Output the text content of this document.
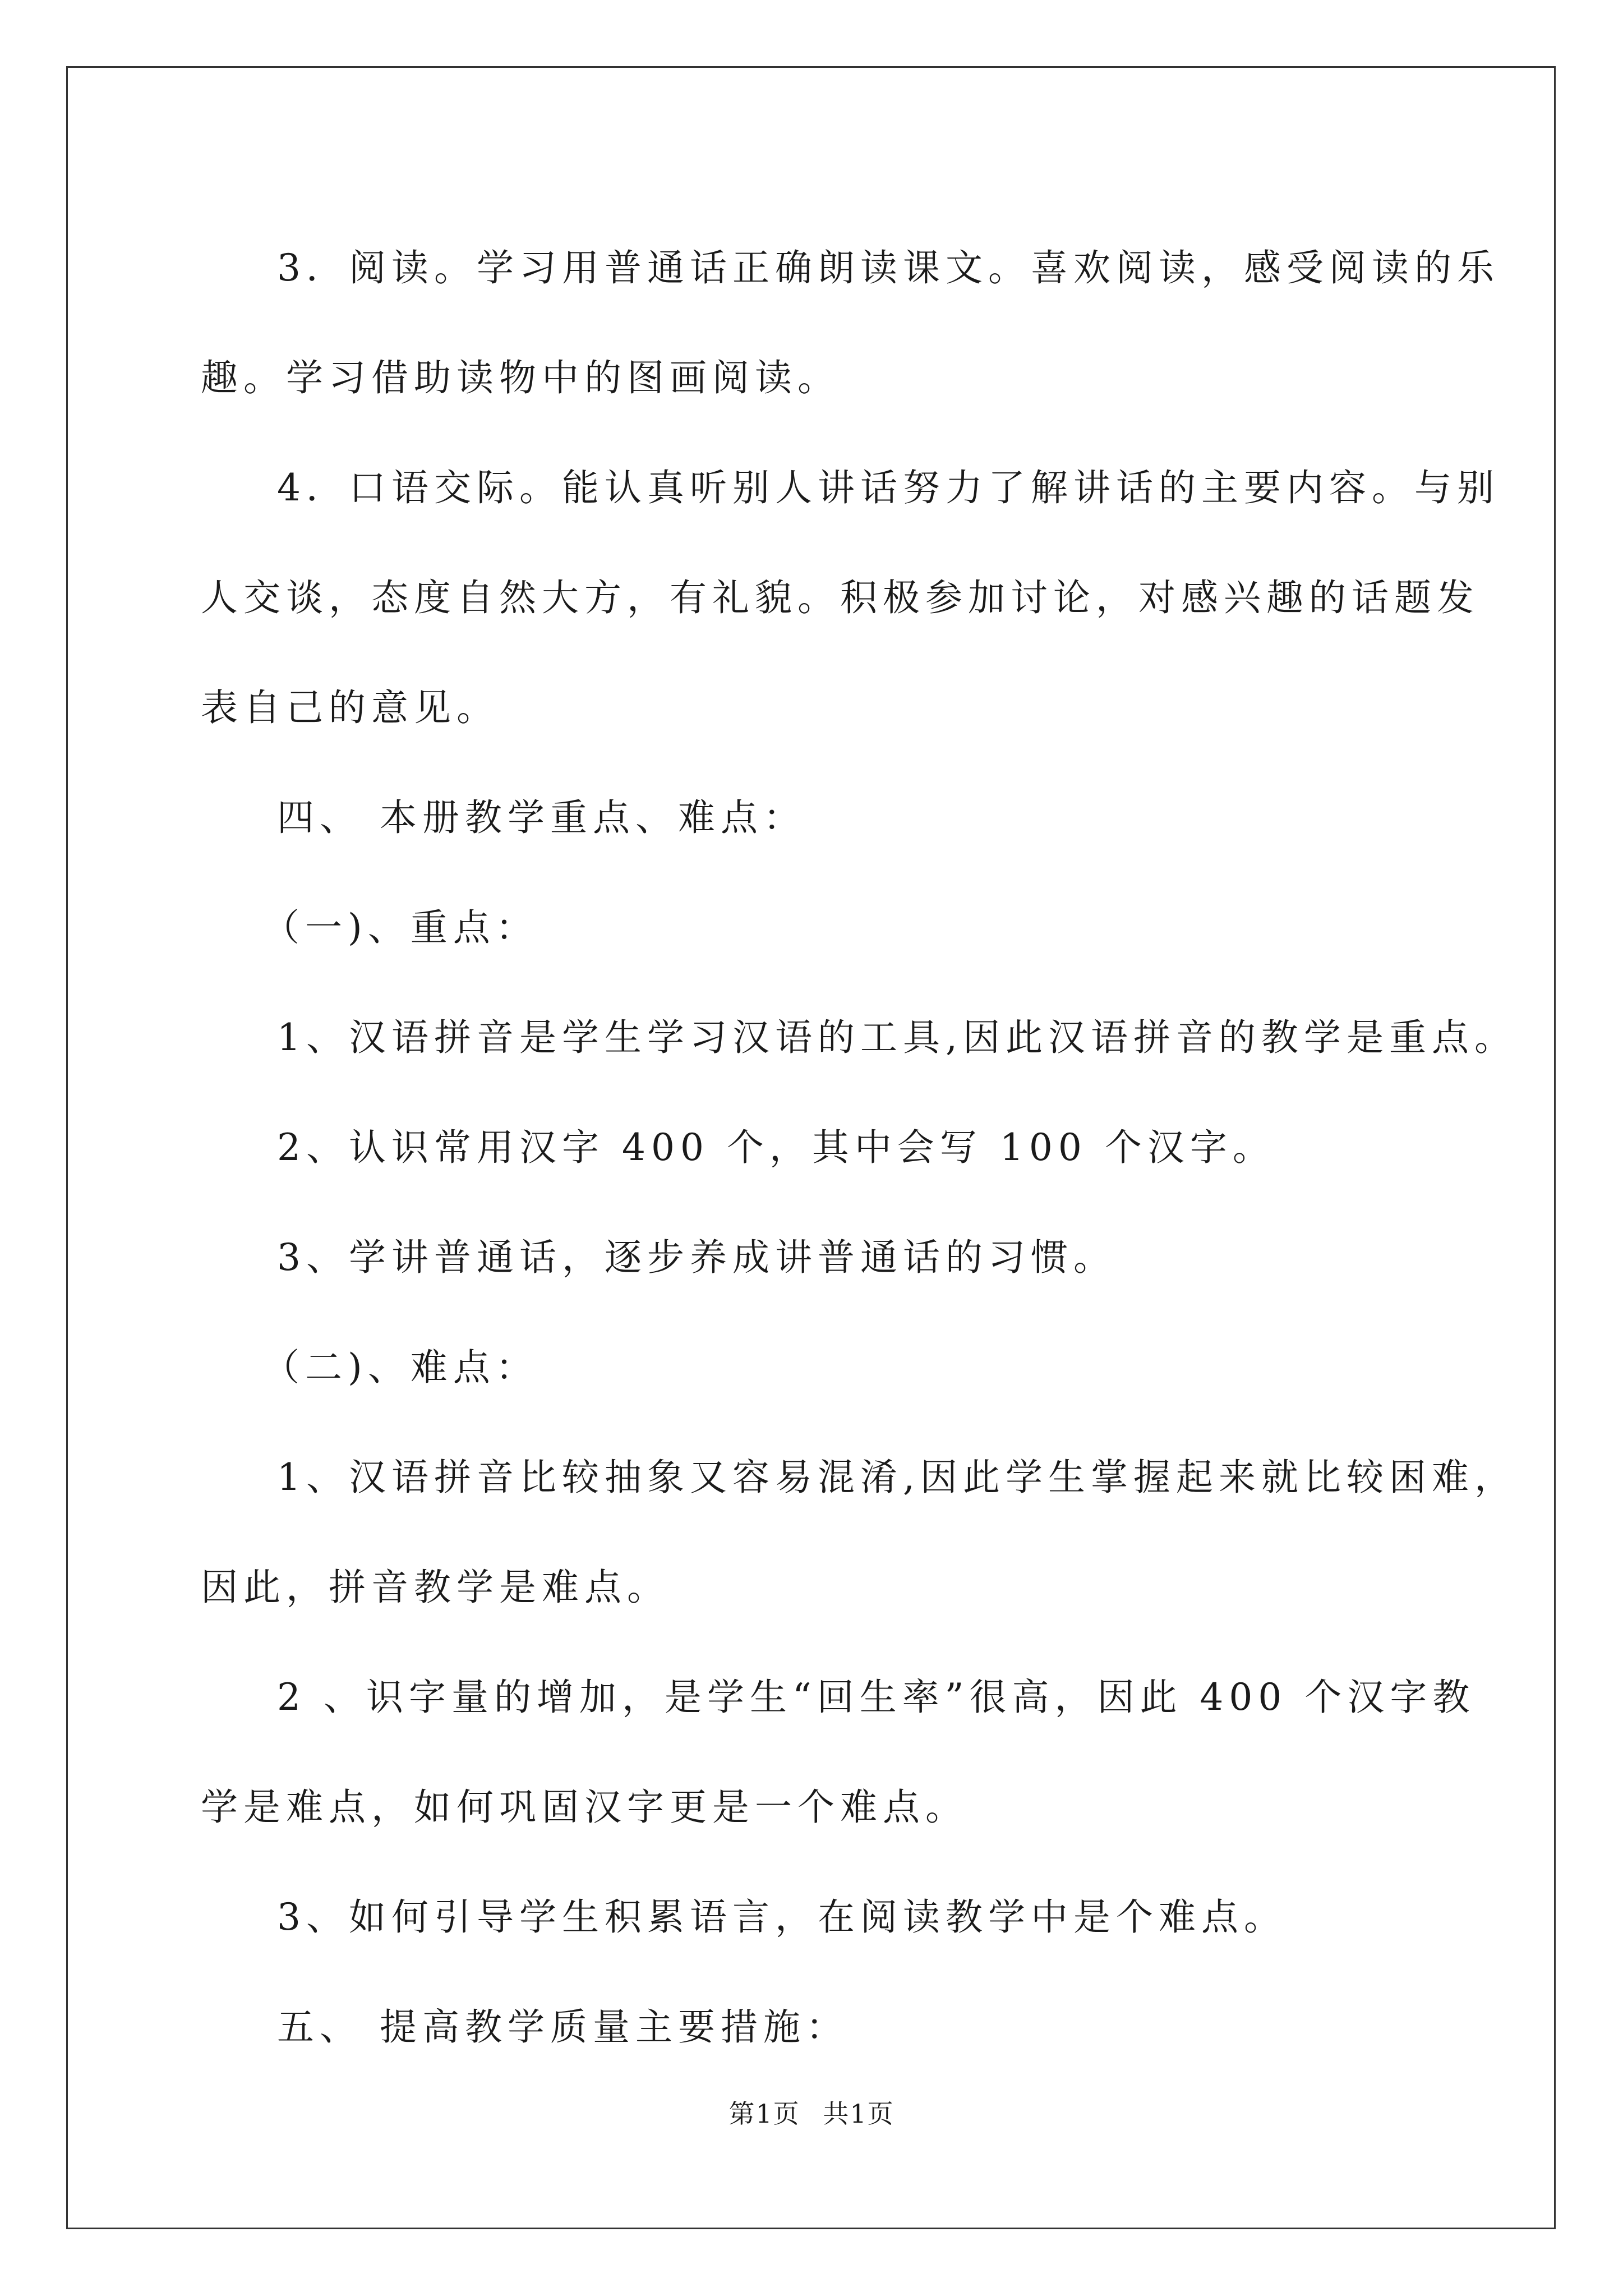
3．阅读。学习用普通话正确朗读课文。喜欢阅读，感受阅读的乐

趣。学习借助读物中的图画阅读。

4．口语交际。能认真听别人讲话努力了解讲话的主要内容。与别

人交谈，态度自然大方，有礼貌。积极参加讨论，对感兴趣的话题发

表自己的意见。

四、 本册教学重点、难点：

（一)、重点：

1、汉语拼音是学生学习汉语的工具,因此汉语拼音的教学是重点。

2、认识常用汉字 400 个，其中会写 100 个汉字。

3、学讲普通话，逐步养成讲普通话的习惯。

（二)、难点：

1、汉语拼音比较抽象又容易混淆,因此学生掌握起来就比较困难，

因此，拼音教学是难点。

2 、识字量的增加，是学生“回生率”很高，因此 400 个汉字教

学是难点，如何巩固汉字更是一个难点。

3、如何引导学生积累语言，在阅读教学中是个难点。

五、 提高教学质量主要措施：

第1页 共1页
